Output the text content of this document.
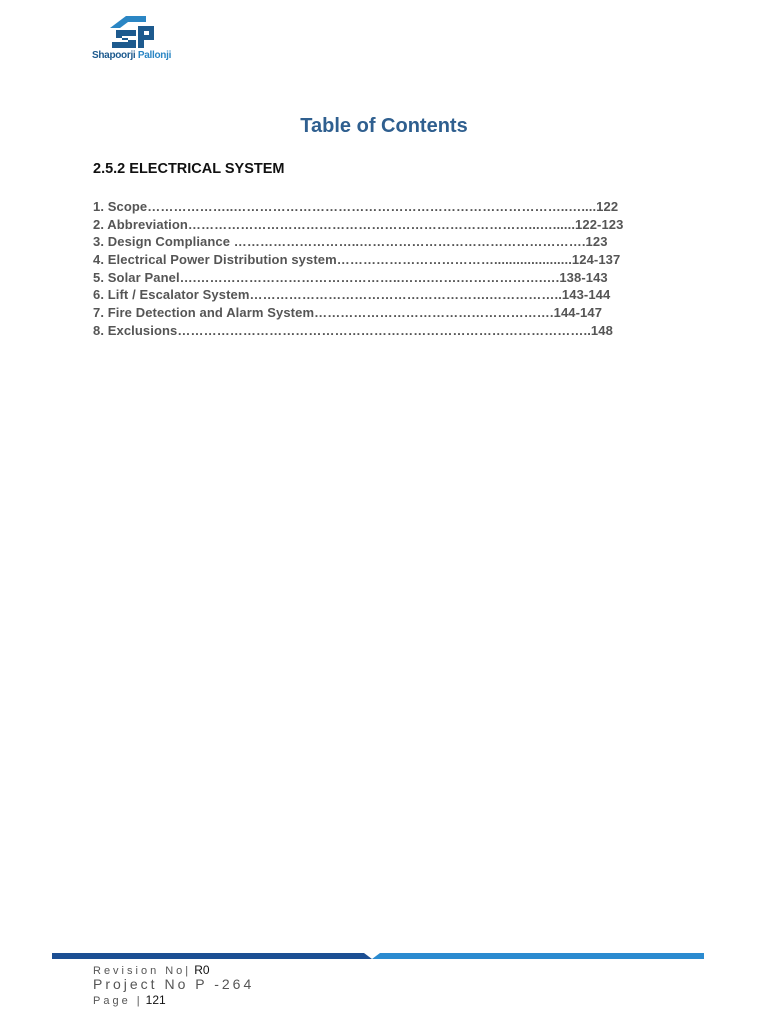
Shapoorji Pallonji
Table of Contents
2.5.2 ELECTRICAL SYSTEM
1. Scope………………..…………………………………………………………………..…....122
2. Abbreviation……………………………………………………………………...…......122-123
3. Design Compliance ………………………..…………………………………………….123
4. Electrical Power Distribution system……………………………….....................124-137
5. Solar Panel….………………………………………..…….…….……………….….138-143
6. Lift / Escalator System……………………………………………….……………..143-144
7. Fire Detection and Alarm System……………………………………………….144-147
8. Exclusions…………………………………………………………………………………..148
Revision No| R0
Project No P -264
Page | 121
